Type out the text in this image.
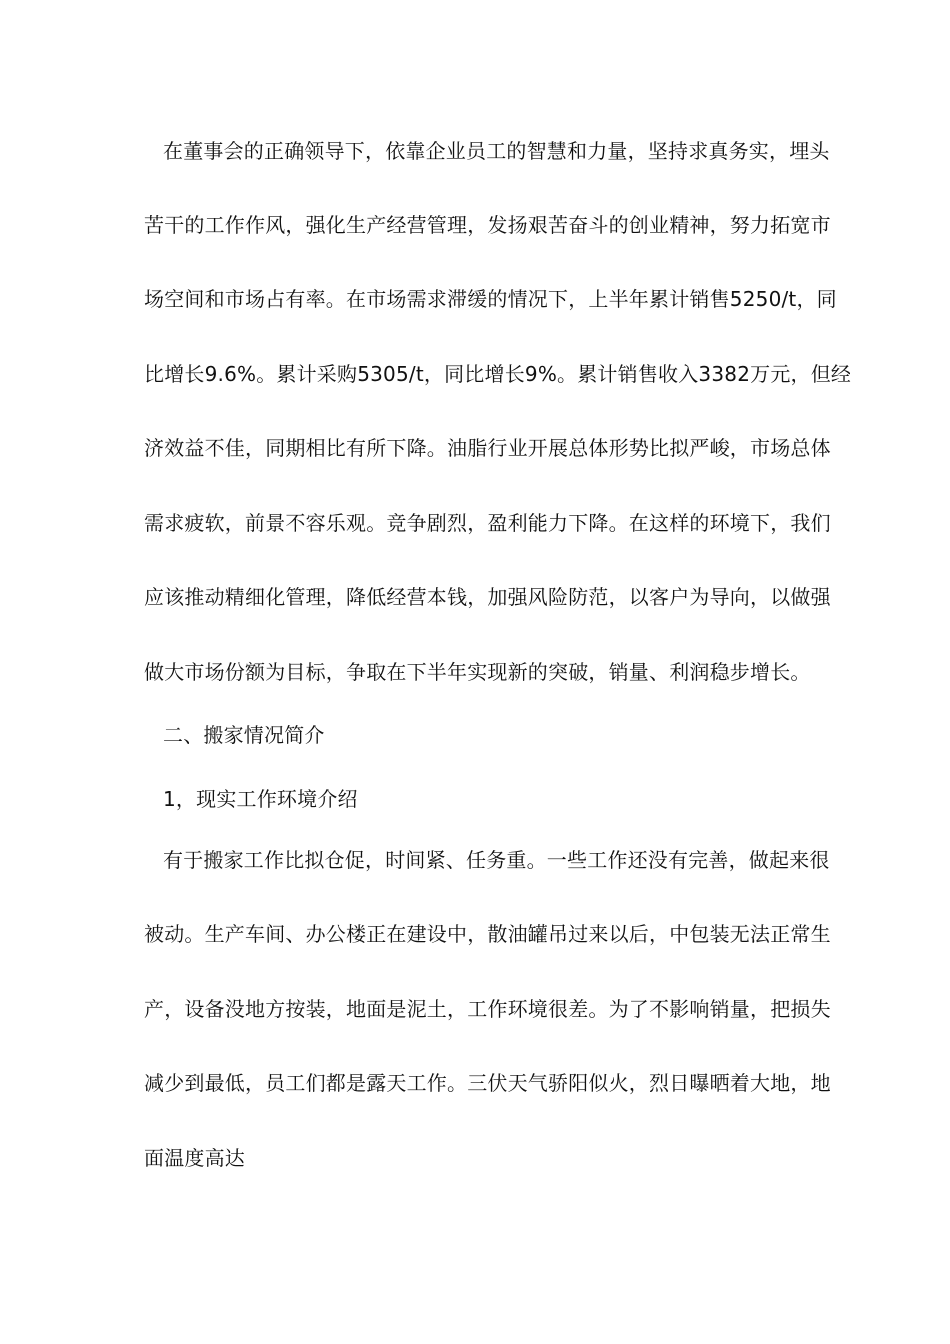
在董事会的正确领导下，依靠企业员工的智慧和力量，坚持求真务实，埋头
苦干的工作作风，强化生产经营管理，发扬艰苦奋斗的创业精神，努力拓宽市
场空间和市场占有率。在市场需求滞缓的情况下，上半年累计销售5250/t，同
比增长9.6%。累计采购5305/t，同比增长9%。累计销售收入3382万元，但经
济效益不佳，同期相比有所下降。油脂行业开展总体形势比拟严峻，市场总体
需求疲软，前景不容乐观。竞争剧烈，盈利能力下降。在这样的环境下，我们
应该推动精细化管理，降低经营本钱，加强风险防范，以客户为导向，以做强
做大市场份额为目标，争取在下半年实现新的突破，销量、利润稳步增长。
二、搬家情况简介
1，现实工作环境介绍
有于搬家工作比拟仓促，时间紧、任务重。一些工作还没有完善，做起来很
被动。生产车间、办公楼正在建设中，散油罐吊过来以后，中包装无法正常生
产，设备没地方按装，地面是泥土，工作环境很差。为了不影响销量，把损失
减少到最低，员工们都是露天工作。三伏天气骄阳似火，烈日曝晒着大地，地
面温度高达
